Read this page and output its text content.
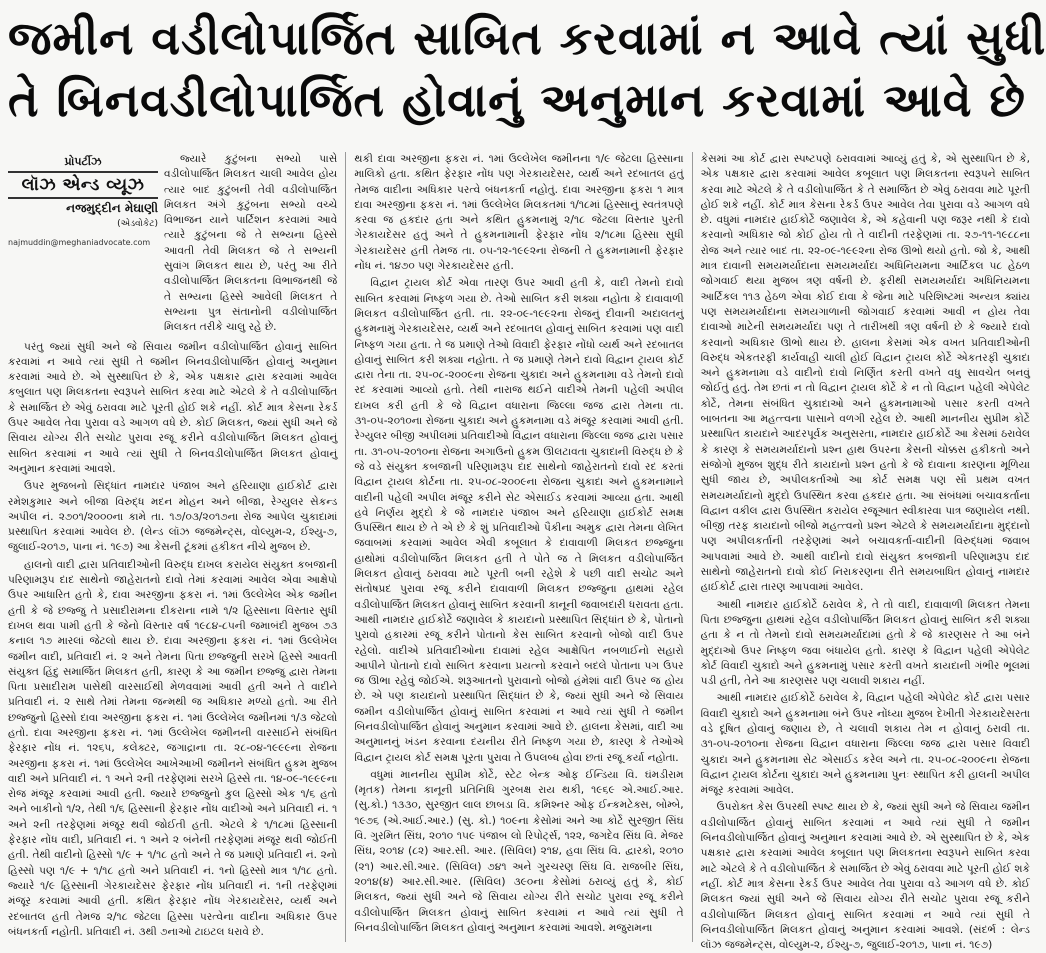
જમીન વડીલોપાર્જિત સાબિત કરવામાં ન આવે ત્યાં સુધી
તે બિનવડીલોપાર્જિત હોવાનું અનુમાન કરવામાં આવે છે
પ્રોપર્ટીઝ
લૉઝ એન્ડ વ્યૂઝ
નજમુદ્દીન મેઘાણી
(એડવોકેટ)
najmuddin@meghaniadvocate.com

જ્યારે કુટુંબના સભ્યો પાસે વડીલોપાર્જિત મિલકત ચાલી આવેલ હોય ત્યાર બાદ કુટુંબની તેવી વડીલોપાર્જિત મિલકત અંગે કુટુંબના સભ્યો વચ્ચે વિભાજન યાને પાર્ટિશન કરવામાં આવે ત્યારે કુટુંબના જે તે સભ્યના હિસ્સે આવતી તેવી મિલકત જે તે સભ્યની સુવાંગ મિલકત થાય છે, પરંતુ આ રીતે વડીલોપાર્જિત મિલકતના વિભાજનથી જે તે સભ્યના હિસ્સે આવેલી મિલકત તે સભ્યના પુત્ર સંતાનોની વડીલોપાર્જિત મિલકત તરીકે ચાલુ રહે છે.

પરંતુ જ્યાં સુધી અને જે સિવાય જમીન વડીલોપાર્જિત હોવાનું સાબિત કરવામાં ન આવે ત્યાં સુધી તે જમીન બિનવડીલોપાર્જિત હોવાનું અનુમાન કરવામાં આવે છે. એ સુસ્થાપિત છે કે, એક પક્ષકાર દ્વારા કરવામાં આવેલ કબુલાત પણ મિલકતના સ્વરૂપને સાબિત કરવા માટે એટલે કે તે વડીલોપાર્જિત કે સમાર્જિત છે એવું ઠરાવવા માટે પૂરતી હોઈ શકે નહીં. કોર્ટ માત્ર કેસના રેકર્ડ ઉપર આવેલ તેવા પુરાવા વડે આગળ વધે છે. કોઈ મિલકત, જ્યાં સુધી અને જે સિવાય યોગ્ય રીતે સચોટ પુરાવા રજૂ કરીને વડીલોપાર્જિત મિલકત હોવાનું સાબિત કરવામાં ન આવે ત્યાં સુધી તે બિનવડીલોપાર્જિત મિલકત હોવાનું અનુમાન કરવામાં આવશે.

ઉપર મુજબનો સિદ્ધાંત નામદાર પંજાબ અને હરિયાણા હાઈકોર્ટ દ્વારા રમેશકુમાર અને બીજા વિરુદ્ધ મદન મોહન અને બીજા, રેગ્યુલર સેકન્ડ અપીલ નં. ૨૭૦૧/૨૦૦૦ના કામે તા. ૧૭/૦૩/૨૦૧૭ના રોજ આપેલ ચુકાદામાં પ્રસ્થાપિત કરવામાં આવેલ છે. (લેન્ડ લૉઝ જજમેન્ટ્સ, વોલ્યુમ-૨, ઈશ્યુ-૭, જુલાઈ-૨૦૧૭, પાના નં. ૧૯૭) આ કેસની ટૂંકમાં હકીકત નીચે મુજબ છે.

હાલનો વાદી દ્વારા પ્રતિવાદીઓની વિરુદ્ધ દાખલ કરાયેલ સંયુક્ત કબજાની પરિણામરૂપ દાદ સાથેનો જાહેરાતનો દાવો તેમાં કરવામાં આવેલ એવા આક્ષેપો ઉપર આધારિત હતો કે, દાવા અરજીના ફકરા નં. ૧માં ઉલ્લેખેલ એક જમીન હતી કે જે છજ્જુ તે પ્રસાદીરામના દીકરાના નામે ૧/૨ હિસ્સાના વિસ્તાર સુધી દાખલ થવા પામી હતી કે જેનો વિસ્તાર વર્ષ ૧૯૮૪-૮૫ની જમાબંદી મુજબ ૭૩ કનાલ ૧૭ મારલાં જેટલો થાય છે. દાવા અરજીના ફકરા નં. ૧માં ઉલ્લેખેલ જમીન વાદી, પ્રતિવાદી નં. ૨ અને તેમના પિતા છજ્જુની સરખે હિસ્સે આવતી સંયુક્ત હિંદુ સમાર્જિત મિલકત હતી, કારણ કે આ જમીન છજ્જુ દ્વારા તેમના પિતા પ્રસાદીરામ પાસેથી વારસાઈથી મેળવવામાં આવી હતી અને તે વાદીને પ્રતિવાદી નં. ૨ સાથે તેમાં તેમના જન્મથી જ અધિકાર મળ્યો હતો. આ રીતે છજ્જુનો હિસ્સો દાવા અરજીના ફકરા નં. ૧માં ઉલ્લેખેલ જમીનમાં ૧/૩ જેટલો હતો. દાવા અરજીના ફકરા નં. ૧માં ઉલ્લેખેલ જમીનની વારસાઈને સંબંધિત ફેરફાર નોંધ નં. ૧૨૬૫, કલેક્ટર, જગાદ્રાના તા. ૨૮-૦૪-૧૯૯૯ના રોજના અરજીના ફકરા નં. ૧માં ઉલ્લેખેલ આખેઆખી જમીનને સંબંધિત હુકમ મુજબ વાદી અને પ્રતિવાદી નં. ૧ અને ૨ની તરફેણમાં સરખે હિસ્સે તા. ૧૪-૦૯-૧૯૯૯ના રોજ મંજૂર કરવામાં આવી હતી. જ્યારે છજ્જુનો કુલ હિસ્સો એક ૧/૬ હતો અને બાકીનો ૧/૨, તેથી ૧/૬ હિસ્સાની ફેરફાર નોંધ વાદીઓ અને પ્રતિવાદી નં. ૧ અને ૨ની તરફેણમાં મંજૂર થવી જોઈતી હતી. એટલે કે ૧/૧૮માં હિસ્સાની ફેરફાર નોંધ વાદી, પ્રતિવાદી નં. ૧ અને ૨ બંનેની તરફેણમાં મંજૂર થવી જોઈતી હતી. તેથી વાદીનો હિસ્સો ૧/૯ + ૧/૧૮ હતો અને તે જ પ્રમાણે પ્રતિવાદી નં. ૨નો હિસ્સો પણ ૧/૯ + ૧/૧૮ હતો અને પ્રતિવાદી નં. ૧નો હિસ્સો માત્ર ૧/૧૮ હતો. જ્યારે ૧/૯ હિસ્સાની ગેરકાયદેસર ફેરફાર નોંધ પ્રતિવાદી નં. ૧ની તરફેણમાં મંજૂર કરવામાં આવી હતી. કથિત ફેરફાર નોંધ ગેરકાયદેસર, વ્યર્થ અને રદબાતલ હતી તેમજ ૨/૧૮ જેટલા હિસ્સા પરત્વેના વાદીના અધિકાર ઉપર બંધનકર્તા નહોતી. પ્રતિવાદી નં. ૩થી ૭નાઓ ટાઇટલ ધરાવે છે.

થકી દાવા અરજીના ફકરા નં. ૧માં ઉલ્લેખેલ જમીનના ૧/૯ જેટલા હિસ્સાના માલિકો હતા. કથિત ફેરફાર નોંધ પણ ગેરકાયદેસર, વ્યર્થ અને રદબાતલ હતું તેમજ વાદીના અધિકાર પરત્વે બંધનકર્તા નહોતું. દાવા અરજીના ફકરા ૧ માત્ર દાવા અરજીના ફકરા નં. ૧માં ઉલ્લેખેલ મિલકતમાં ૧/૧૮માં હિસ્સાનું સ્વતંત્રપણે કરવા જ હકદાર હતા અને કથિત હુકમનામું ૨/૧૮ જેટલા વિસ્તાર પુરતી ગેરકાયદેસર હતું અને તે હુકમનામાની ફેરફાર નોંધ ૨/૧૮મા હિસ્સા સુધી ગેરકાયદેસર હતી તેમજ તા. ૦૫-૧૨-૧૯૯૨ના રોજની તે હુકમનામાની ફેરફાર નોંધ નં. ૧૪૭૦ પણ ગેરકાયદેસર હતી.

વિદ્વાન ટ્રાયલ કોર્ટ એવા તારણ ઉપર આવી હતી કે, વાદી તેમનો દાવો સાબિત કરવામાં નિષ્ફળ ગયા છે. તેઓ સાબિત કરી શક્યા નહોતા કે દાવાવાળી મિલકત વડીલોપાર્જિત હતી. તા. ૨૨-૦૯-૧૯૯૨ના રોજનું દીવાની અદાલતનું હુકમનામું ગેરકાયદેસર, વ્યર્થ અને રદબાતલ હોવાનું સાબિત કરવામાં પણ વાદી નિષ્ફળ ગયા હતા. તે જ પ્રમાણે તેઓ વિવાદી ફેરફાર નોંધો વ્યર્થ અને રદબાતલ હોવાનું સાબિત કરી શક્યા નહોતા. તે જ પ્રમાણે તેમને દાવો વિદ્વાન ટ્રાયલ કોર્ટ દ્વારા તેના તા. ૨૫-૦૮-૨૦૦૯ના રોજના ચુકાદા અને હુકમનામા વડે તેમનો દાવો રદ કરવામાં આવ્યો હતો. તેથી નારાજ થઈને વાદીએ તેમની પહેલી અપીલ દાખલ કરી હતી કે જે વિદ્વાન વધારાના જિલ્લા જજ દ્વારા તેમના તા. ૩૧-૦૫-૨૦૧૦ના રોજના ચુકાદા અને હુકમનામા વડે મંજૂર કરવામાં આવી હતી. રેગ્યુલર બીજી અપીલમાં પ્રતિવાદીઓ વિદ્વાન વધારાના જિલ્લા જજ દ્વારા પસાર તા. ૩૧-૦૫-૨૦૧૦ના રોજના અગાઉનો હુકમ ઊલટાવતા ચુકાદાની વિરુદ્ધ છે કે જે વડે સંયુક્ત કબજાની પરિણામરૂપ દાદ સાથેનો જાહેરાતનો દાવો રદ કરતાં વિદ્વાન ટ્રાયલ કોર્ટના તા. ૨૫-૦૮-૨૦૦૯ના રોજના ચુકાદા અને હુકમનામાને વાદીની પહેલી અપીલ મંજૂર કરીને સેટ એસાઈડ કરવામાં આવ્યા હતા. આથી હવે નિર્ણય મુદ્દો કે જે નામદાર પંજાબ અને હરિયાણા હાઈકોર્ટ સમક્ષ ઉપસ્થિત થાય છે તે એ છે કે શું પ્રતિવાદીઓ પૈકીના અમુક દ્વારા તેમના લેખિત જવાબમાં કરવામાં આવેલ એવી કબૂલાત કે દાવાવાળી મિલકત છજ્જુના હાથોમાં વડીલોપાર્જિત મિલકત હતી તે પોતે જ તે મિલકત વડીલોપાર્જિત મિલકત હોવાનું ઠરાવવા માટે પૂરતી બની રહેશે કે પછી વાદી સચોટ અને સંતોષપ્રદ પુરાવા રજૂ કરીને દાવાવાળી મિલકત છજ્જુના હાથમાં રહેલ વડીલોપાર્જિત મિલકત હોવાનું સાબિત કરવાની કાનૂની જવાબદારી ધરાવતા હતા. આથી નામદાર હાઈકોર્ટે જણાવેલ કે કાયદાનો પ્રસ્થાપિત સિદ્ધાંત છે કે, પોતાનો પુરાવો હકારમાં રજૂ કરીને પોતાનો કેસ સાબિત કરવાનો બોજો વાદી ઉપર રહેલો. વાદીએ પ્રતિવાદીઓના દાવામાં રહેલ આક્ષેપિત નબળાઈનો સહારો આપીને પોતાનો દાવો સાબિત કરવાના પ્રયત્નો કરવાને બદલે પોતાના પગ ઉપર જ ઊભા રહેવું જોઈએ. શરૂઆતનો પુરાવાનો બોજો હંમેશાં વાદી ઉપર જ હોય છે. એ પણ કાયદાનો પ્રસ્થાપિત સિદ્ધાંત છે કે, જ્યાં સુધી અને જે સિવાય જમીન વડીલોપાર્જિત હોવાનું સાબિત કરવામાં ન આવે ત્યાં સુધી તે જમીન બિનવડીલોપાર્જિત હોવાનું અનુમાન કરવામાં આવે છે. હાલના કેસમાં, વાદી આ અનુમાનનું ખંડન કરવાના દયનીય રીતે નિષ્ફળ ગયા છે, કારણ કે તેઓએ વિદ્વાન ટ્રાયલ કોર્ટ સમક્ષ પૂરતા પુરાવા તે ઉપલબ્ધ હોવા છતાં રજૂ કર્યા નહોતા.

વધુમાં માનનીય સુપ્રીમ કોર્ટે, સ્ટેટ બેન્ક ઓફ ઈન્ડિયા વિ. ઘંમડીરામ (મૃતક) તેમના કાનૂની પ્રતિનિધિ ગુરબક્ષ રાય થકી, ૧૯૬૯ એ.આઈ.આર. (સુ.કો.) ૧૩૩૦, સુરજીત લાલ છાબડા વિ. કમિશ્નર ઓફ ઈન્કમટેક્સ, બોમ્બે, ૧૯૭૬ (એ.આઈ.આર.) (સુ. કો.) ૧૦૯ના કેસોમાં અને આ કોર્ટે સુરજીત સિંઘ વિ. ગુરમિત સિંઘ, ૨૦૧૦ ૧૫૯ પંજાબ લો રિપોર્ટ્સ, ૧૨૨, જગદેવ સિંઘ વિ. મેજર સિંઘ, ૨૦૧૪ (૮૨) આર.સી. આર. (સિવિલ) ૨૧૪, હવા સિંઘ વિ. દ્વારકો, ૨૦૧૦ (૨૧) આર.સી.આર. (સિવિલ) ૭૪૧ અને ગુરચરણ સિંઘ વિ. રાજબીર સિંઘ, ૨૦૧૪(૪) આર.સી.આર. (સિવિલ) ૩૯૦ના કેસોમાં ઠરાવ્યું હતું કે, કોઈ મિલકત, જ્યાં સુધી અને જે સિવાય યોગ્ય રીતે સચોટ પુરાવા રજૂ કરીને વડીલોપાર્જિત મિલકત હોવાનું સાબિત કરવામાં ન આવે ત્યાં સુધી તે બિનવડીલોપાર્જિત મિલકત હોવાનું અનુમાન કરવામાં આવશે. મજુરામના

કેસમાં આ કોર્ટ દ્વારા સ્પષ્ટપણે ઠરાવવામાં આવ્યું હતું કે, એ સુસ્થાપિત છે કે, એક પક્ષકાર દ્વારા કરવામાં આવેલ કબૂલાત પણ મિલકતના સ્વરૂપને સાબિત કરવા માટે એટલે કે તે વડીલોપાર્જિત કે તે સમાર્જિત છે એવું ઠરાવવા માટે પૂરતી હોઈ શકે નહીં. કોર્ટ માત્ર કેસના રેકર્ડ ઉપર આવેલ તેવા પુરાવા વડે આગળ વધે છે. વધુમાં નામદાર હાઈકોર્ટે જણાવેલ કે, એ કહેવાની પણ જરૂર નથી કે દાવો કરવાનો અધિકાર જો કોઈ હોય તો તે વાદીની તરફેણમાં તા. ૨૭-૧૧-૧૯૮૮ના રોજ અને ત્યાર બાદ તા. ૨૨-૦૯-૧૯૯૨ના રોજ ઊભો થયો હતો. જો કે, આથી માત્ર દાવાની સમયમર્યાદાના સમયમર્યાદા અધિનિયમના આર્ટિકલ ૫૮ હેઠળ જોગવાઈ થયા મુજબ ત્રણ વર્ષની છે. ફરીથી સમયમર્યાદા અધિનિયમના આર્ટિકલ ૧૧૩ હેઠળ એવા કોઈ દાવા કે જેના માટે પરિશિષ્ટમાં અન્યત્ર ક્યાંય પણ સમયમર્યાદાના સમયગાળાની જોગવાઈ કરવામાં આવી ન હોય તેવા દાવાઓ માટેની સમયમર્યાદા પણ તે તારીખથી ત્રણ વર્ષની છે કે જ્યારે દાવો કરવાનો અધિકાર ઊભો થાય છે. હાલના કેસમાં એક વખત પ્રતિવાદીઓની વિરુદ્ધ એકતરફી કાર્યવાહી ચાલી હોઈ વિદ્વાન ટ્રાયલ કોર્ટે એકતરફી ચુકાદા અને હુકમનામા વડે વાદીનો દાવો નિર્ણિત કરતી વખતે વધુ સાવચેત બનવું જોઈતું હતું. તેમ છતાં ન તો વિદ્વાન ટ્રાયલ કોર્ટે કે ન તો વિદ્વાન પહેલી એપેલેટ કોર્ટે, તેમના સંબંધિત ચુકાદાઓ અને હુકમનામાઓ પસાર કરતી વખતે બાબતના આ મહત્ત્વના પાસાને વળગી રહેલ છે. આથી માનનીય સુપ્રીમ કોર્ટે પ્રસ્થાપિત કાયદાને આદરપૂર્વક અનુસરતા, નામદાર હાઈકોર્ટે આ કેસમાં ઠરાવેલ કે કારણ કે સમયમર્યાદાનો પ્રશ્ન હાથ ઉપરના કેસની ચોક્કસ હકીકતો અને સંજોગો મુજબ શુદ્ધ રીતે કાયદાનો પ્રશ્ન હતો કે જે દાવાના કારણના મૂળિયા સુધી જાય છે, અપીલકર્તાઓ આ કોર્ટ સમક્ષ પણ સૌ પ્રથમ વખત સમયમર્યાદાનો મુદ્દો ઉપસ્થિત કરવા હકદાર હતા. આ સંબંધમાં બચાવકર્તાના વિદ્વાન વકીલ દ્વારા ઉપસ્થિત કરાયેલ રજૂઆત સ્વીકારવા પાત્ર જણાયેલ નથી. બીજી તરફ કાયદાનો બીજો મહત્ત્વનો પ્રશ્ન એટલે કે સમયમર્યાદાના મુદ્દાનો પણ અપીલકર્તાની તરફેણમાં અને બચાવકર્તા-વાદીની વિરુદ્ધમાં જવાબ આપવામાં આવે છે. આથી વાદીનો દાવો સંયુક્ત કબજાની પરિણામરૂપ દાદ સાથેનો જાહેરાતનો દાવો કોઈ નિરાકરણના રીતે સમયબાધિત હોવાનું નામદાર હાઈકોર્ટ દ્વારા તારણ આપવામાં આવેલ.

આથી નામદાર હાઈકોર્ટે ઠરાવેલ કે, તે તો વાદી, દાવાવાળી મિલકત તેમના પિતા છજ્જુના હાથમાં રહેલ વડીલોપાર્જિત મિલકત હોવાનું સાબિત કરી શક્યા હતા કે ન તો તેમનો દાવો સમયમર્યાદામાં હતો કે જે કારણસર તે આ બંને મુદ્દાઓ ઉપર નિષ્ફળ જવા બંધાયેલ હતો. કારણ કે વિદ્વાન પહેલી એપેલેટ કોર્ટ વિવાદી ચુકાદો અને હુકમનામું પસાર કરતી વખતે કાયદાની ગંભીર ભૂલમાં પડી હતી, તેને આ કારણસર પણ ચલાવી શકાય નહીં.

આથી નામદાર હાઈકોર્ટે ઠરાવેલ કે, વિદ્વાન પહેલી એપેલેટ કોર્ટ દ્વારા પસાર વિવાદી ચુકાદો અને હુકમનામા બંને ઉપર નોંધ્યા મુજબ દેખીતી ગેરકાયદેસરતા વડે દૂષિત હોવાનું જણાય છે, તે ચલાવી શકાય તેમ ન હોવાનું ઠરાવી તા. ૩૧-૦૫-૨૦૧૦ના રોજના વિદ્વાન વધારાના જિલ્લા જજ દ્વારા પસાર વિવાદી ચુકાદા અને હુકમનામા સેટ એસાઈડ કરેલ અને તા. ૨૫-૦૮-૨૦૦૯ના રોજના વિદ્વાન ટ્રાયલ કોર્ટના ચુકાદા અને હુકમનામા પુનઃ સ્થાપિત કરી હાલની અપીલ મંજૂર કરવામાં આવેલ.

ઉપરોક્ત કેસ ઉપરથી સ્પષ્ટ થાય છે કે, જ્યાં સુધી અને જે સિવાય જમીન વડીલોપાર્જિત હોવાનું સાબિત કરવામાં ન આવે ત્યાં સુધી તે જમીન બિનવડીલોપાર્જિત હોવાનું અનુમાન કરવામાં આવે છે. એ સુસ્થાપિત છે કે, એક પક્ષકાર દ્વારા કરવામાં આવેલ કબૂલાત પણ મિલકતના સ્વરૂપને સાબિત કરવા માટે એટલે કે તે વડીલોપાર્જિત કે સમાર્જિત છે એવું ઠરાવવા માટે પૂરતી હોઈ શકે નહીં. કોર્ટ માત્ર કેસના રેકર્ડ ઉપર આવેલ તેવા પુરાવા વડે આગળ વધે છે. કોઈ મિલકત જ્યાં સુધી અને જે સિવાય યોગ્ય રીતે સચોટ પુરાવા રજૂ કરીને વડીલોપાર્જિત મિલકત હોવાનું સાબિત કરવામાં ન આવે ત્યાં સુધી તે બિનવડીલોપાર્જિત મિલકત હોવાનું અનુમાન કરવામાં આવશે. (સંદર્ભ : લેન્ડ લૉઝ જજમેન્ટ્સ, વોલ્યુમ-૨, ઈશ્યુ-૭, જુલાઈ-૨૦૧૭, પાના નં. ૧૯૭)
